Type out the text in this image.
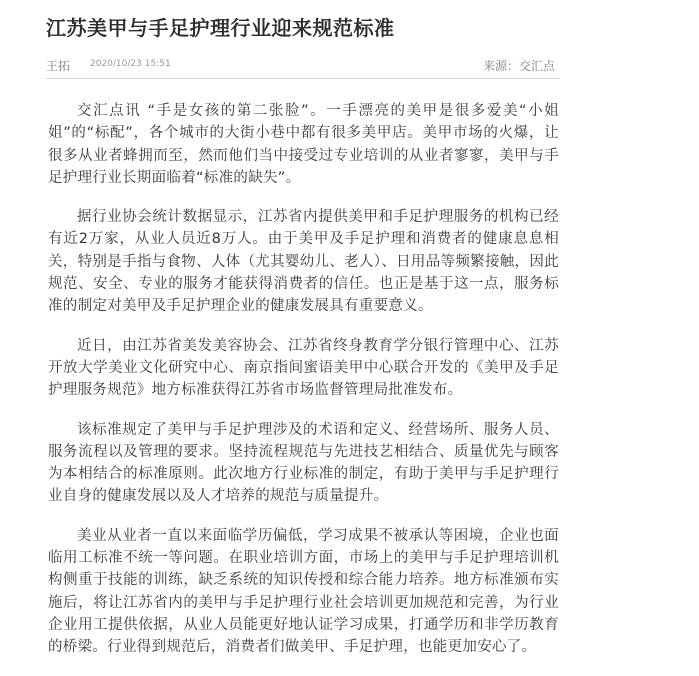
江苏美甲与手足护理行业迎来规范标准
王拓 2020/10/23 15:51	来源：交汇点

交汇点讯 “手是女孩的第二张脸”。一手漂亮的美甲是很多爱美“小姐姐”的“标配”，各个城市的大街小巷中都有很多美甲店。美甲市场的火爆，让很多从业者蜂拥而至，然而他们当中接受过专业培训的从业者寥寥，美甲与手足护理行业长期面临着“标准的缺失”。

据行业协会统计数据显示，江苏省内提供美甲和手足护理服务的机构已经有近2万家，从业人员近8万人。由于美甲及手足护理和消费者的健康息息相关，特别是手指与食物、人体（尤其婴幼儿、老人）、日用品等频繁接触，因此规范、安全、专业的服务才能获得消费者的信任。也正是基于这一点，服务标准的制定对美甲及手足护理企业的健康发展具有重要意义。

近日，由江苏省美发美容协会、江苏省终身教育学分银行管理中心、江苏开放大学美业文化研究中心、南京指间蜜语美甲中心联合开发的《美甲及手足护理服务规范》地方标准获得江苏省市场监督管理局批准发布。

该标准规定了美甲与手足护理涉及的术语和定义、经营场所、服务人员、服务流程以及管理的要求。坚持流程规范与先进技艺相结合、质量优先与顾客为本相结合的标准原则。此次地方行业标准的制定，有助于美甲与手足护理行业自身的健康发展以及人才培养的规范与质量提升。

美业从业者一直以来面临学历偏低，学习成果不被承认等困境，企业也面临用工标准不统一等问题。在职业培训方面，市场上的美甲与手足护理培训机构侧重于技能的训练，缺乏系统的知识传授和综合能力培养。地方标准颁布实施后，将让江苏省内的美甲与手足护理行业社会培训更加规范和完善，为行业企业用工提供依据，从业人员能更好地认证学习成果，打通学历和非学历教育的桥梁。行业得到规范后，消费者们做美甲、手足护理，也能更加安心了。
